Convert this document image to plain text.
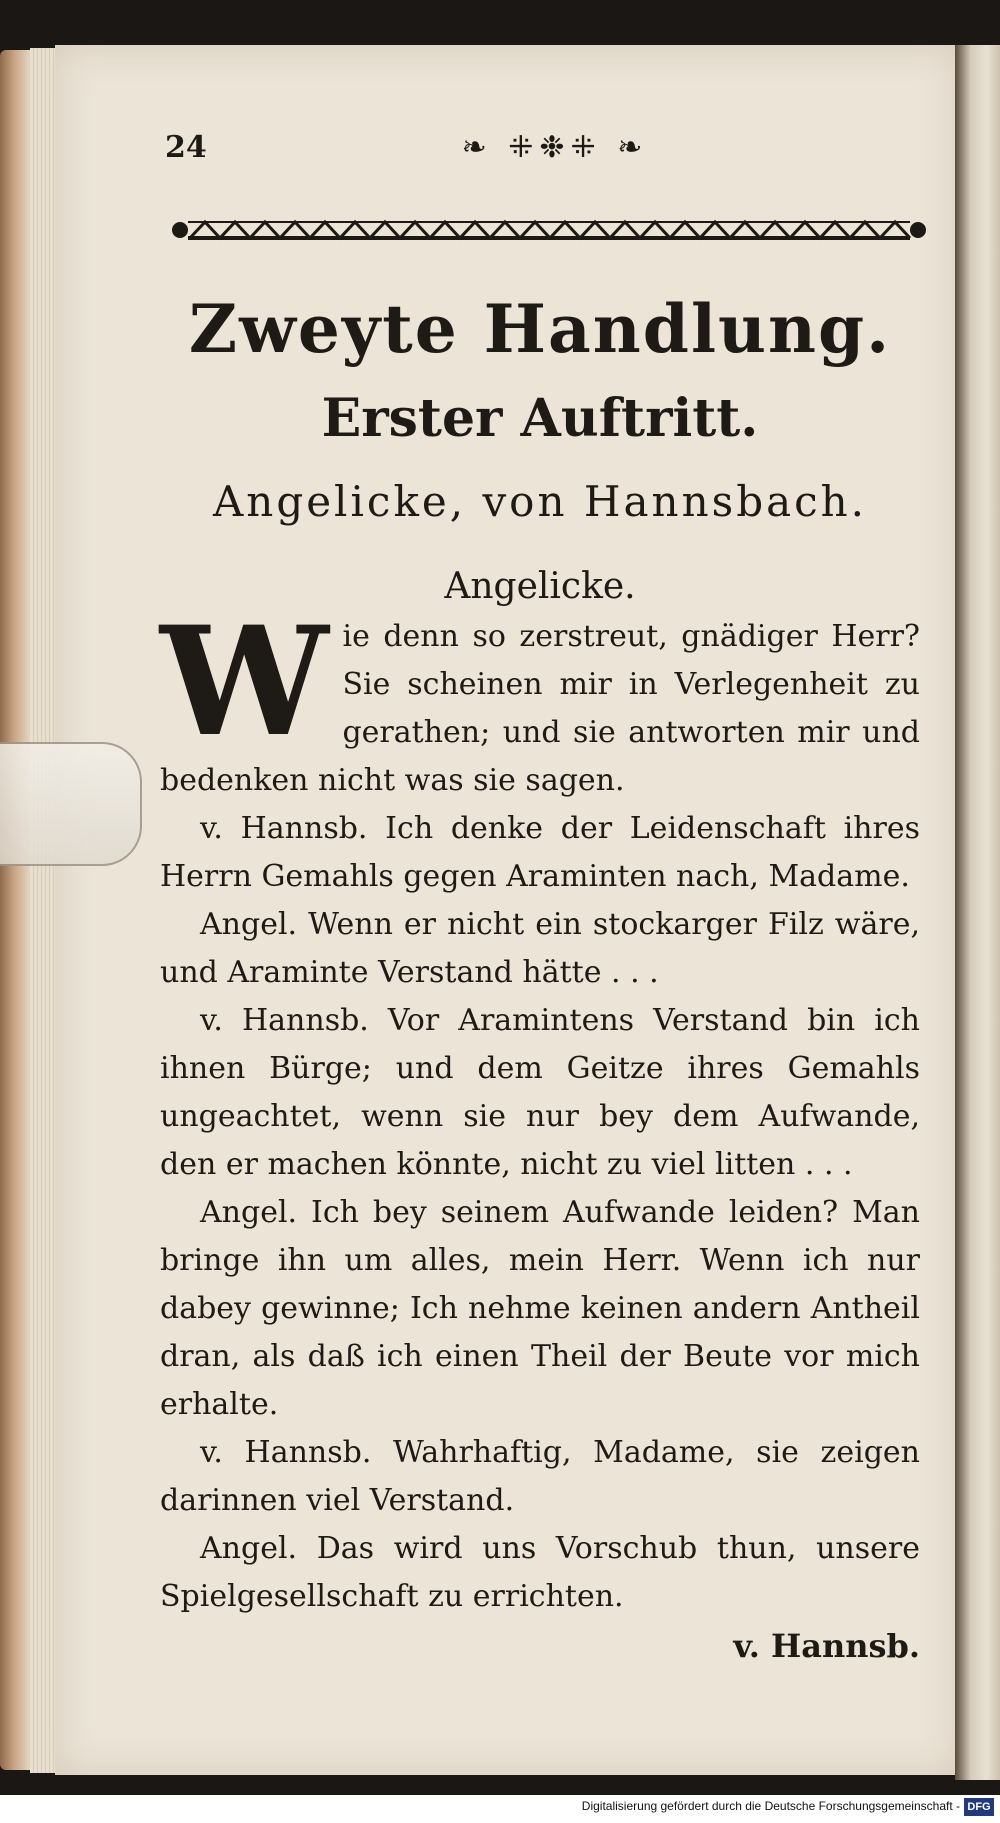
24	❧ ⁜❉⁜ ❧
Zweyte Handlung.
Erster Auftritt.
Angelicke, von Hannsbach.
Angelicke.

Wie denn so zerstreut, gnädiger Herr? Sie scheinen mir in Verlegenheit zu gerathen; und sie antworten mir und bedenken nicht was sie sagen.

v. Hannsb. Ich denke der Leidenschaft ihres Herrn Gemahls gegen Araminten nach, Madame.

Angel. Wenn er nicht ein stockarger Filz wäre, und Araminte Verstand hätte . . .

v. Hannsb. Vor Aramintens Verstand bin ich ihnen Bürge; und dem Geitze ihres Gemahls ungeachtet, wenn sie nur bey dem Aufwande, den er machen könnte, nicht zu viel litten . . .

Angel. Ich bey seinem Aufwande leiden? Man bringe ihn um alles, mein Herr. Wenn ich nur dabey gewinne; Ich nehme keinen andern Antheil dran, als daß ich einen Theil der Beute vor mich erhalte.

v. Hannsb. Wahrhaftig, Madame, sie zeigen darinnen viel Verstand.

Angel. Das wird uns Vorschub thun, unsere Spielgesellschaft zu errichten.

v. Hannsb.
Digitalisierung gefördert durch die Deutsche Forschungsgemeinschaft - DFG
